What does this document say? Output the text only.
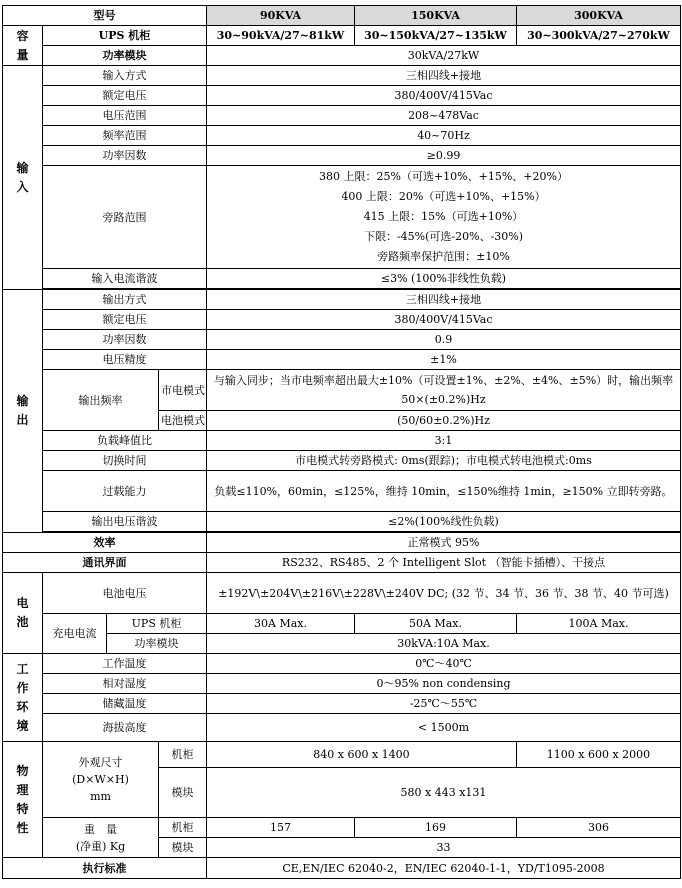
型号				90KVA	150KVA	300KVA

容
量	UPS 机柜			30~90kVA/27~81kW	30~150kVA/27~135kW	30~300kVA/27~270kW
	功率模块			30kVA/27kW		

输
入	输入方式			三相四线+接地		
	额定电压			380/400V/415Vac		
	电压范围			208~478Vac		
	频率范围			40~70Hz		
	功率因数			≥0.99		
	旁路范围			380 上限：25%（可选+10%、+15%、+20%）
400 上限：20%（可选+10%、+15%）
415 上限：15%（可选+10%）
下限：-45%(可选-20%、-30%)
旁路频率保护范围：±10%		

	输入电流谐波			≤3% (100%非线性负载)		

输
出	输出方式			三相四线+接地		
	额定电压			380/400V/415Vac		
	功率因数			0.9		
	电压精度			±1%		
	输出频率		市电模式	与输入同步；当市电频率超出最大±10%（可设置±1%、±2%、±4%、±5%）时，输出频率 50×(±0.2%)Hz		
			电池模式	(50/60±0.2%)Hz		
	负载峰值比			3:1		
	切换时间			市电模式转旁路模式: 0ms(跟踪)；市电模式转电池模式:0ms		
	过载能力			负载≤110%，60min，≤125%，维持 10min，≤150%维持 1min，≥150% 立即转旁路。		
	输出电压谐波			≤2%(100%线性负载)		

效率				正常模式 95%		
通讯界面				RS232、RS485、2 个 Intelligent Slot （智能卡插槽）、干接点		

电
池	电池电压			±192V\±204V\±216V\±228V\±240V DC; (32 节、34 节、36 节、38 节、40 节可选)		
	充电电流	UPS 机柜		30A Max.	50A Max.	100A Max.
		功率模块		30kVA:10A Max.		

工
作
环
境	工作温度			0℃～40℃		
	相对湿度			0～95% non condensing		
	储藏温度			-25℃～55℃		
	海拔高度			< 1500m		

物
理
特
性	外观尺寸
(D×W×H)
mm		机柜	840 x 600 x 1400		1100 x 600 x 2000
			模块	580 x 443 x131		

	重　量
(净重) Kg		机柜	157	169	306
			模块	33		
执行标准				CE,EN/IEC 62040-2，EN/IEC 62040-1-1，YD/T1095-2008		
